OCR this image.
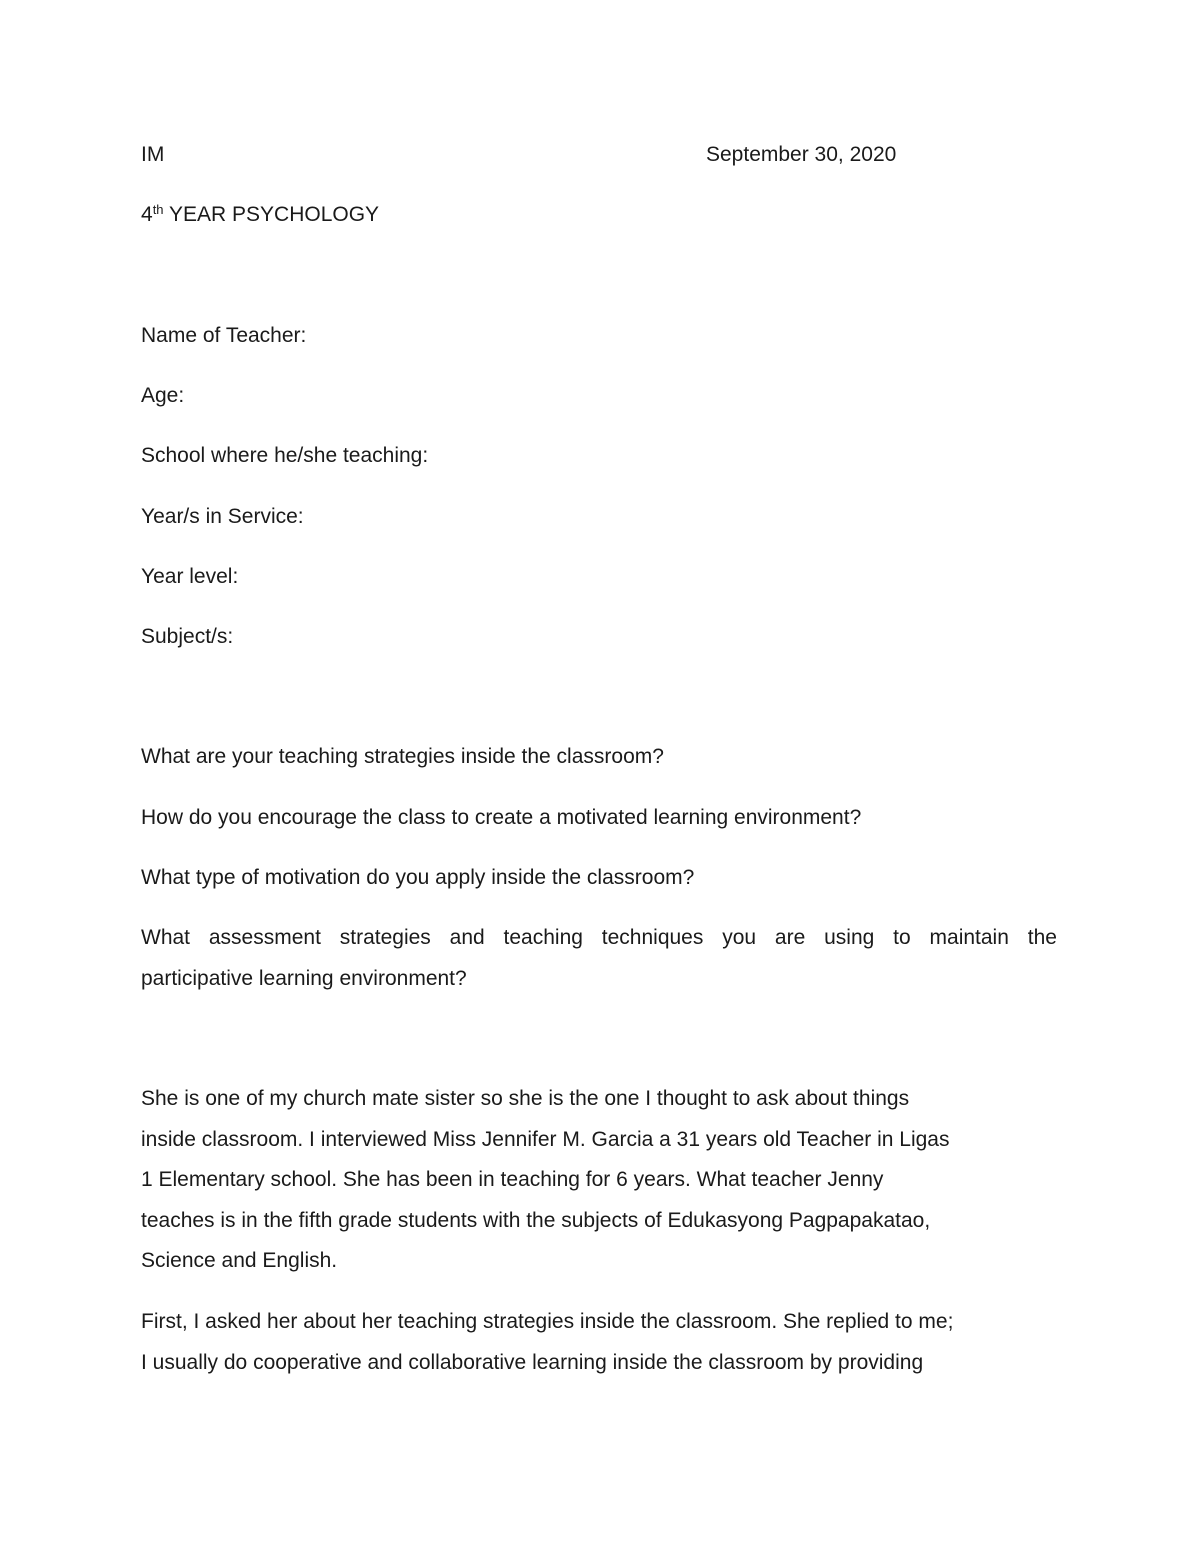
IM	September 30, 2020
4th YEAR PSYCHOLOGY
Name of Teacher:
Age:
School where he/she teaching:
Year/s in Service:
Year level:
Subject/s:
What are your teaching strategies inside the classroom?
How do you encourage the class to create a motivated learning environment?
What type of motivation do you apply inside the classroom?
What assessment strategies and teaching techniques you are using to maintain the
participative learning environment?
She is one of my church mate sister so she is the one I thought to ask about things
inside classroom. I interviewed Miss Jennifer M. Garcia a 31 years old Teacher in Ligas
1 Elementary school. She has been in teaching for 6 years. What teacher Jenny
teaches is in the fifth grade students with the subjects of Edukasyong Pagpapakatao,
Science and English.
First, I asked her about her teaching strategies inside the classroom. She replied to me;
I usually do cooperative and collaborative learning inside the classroom by providing
